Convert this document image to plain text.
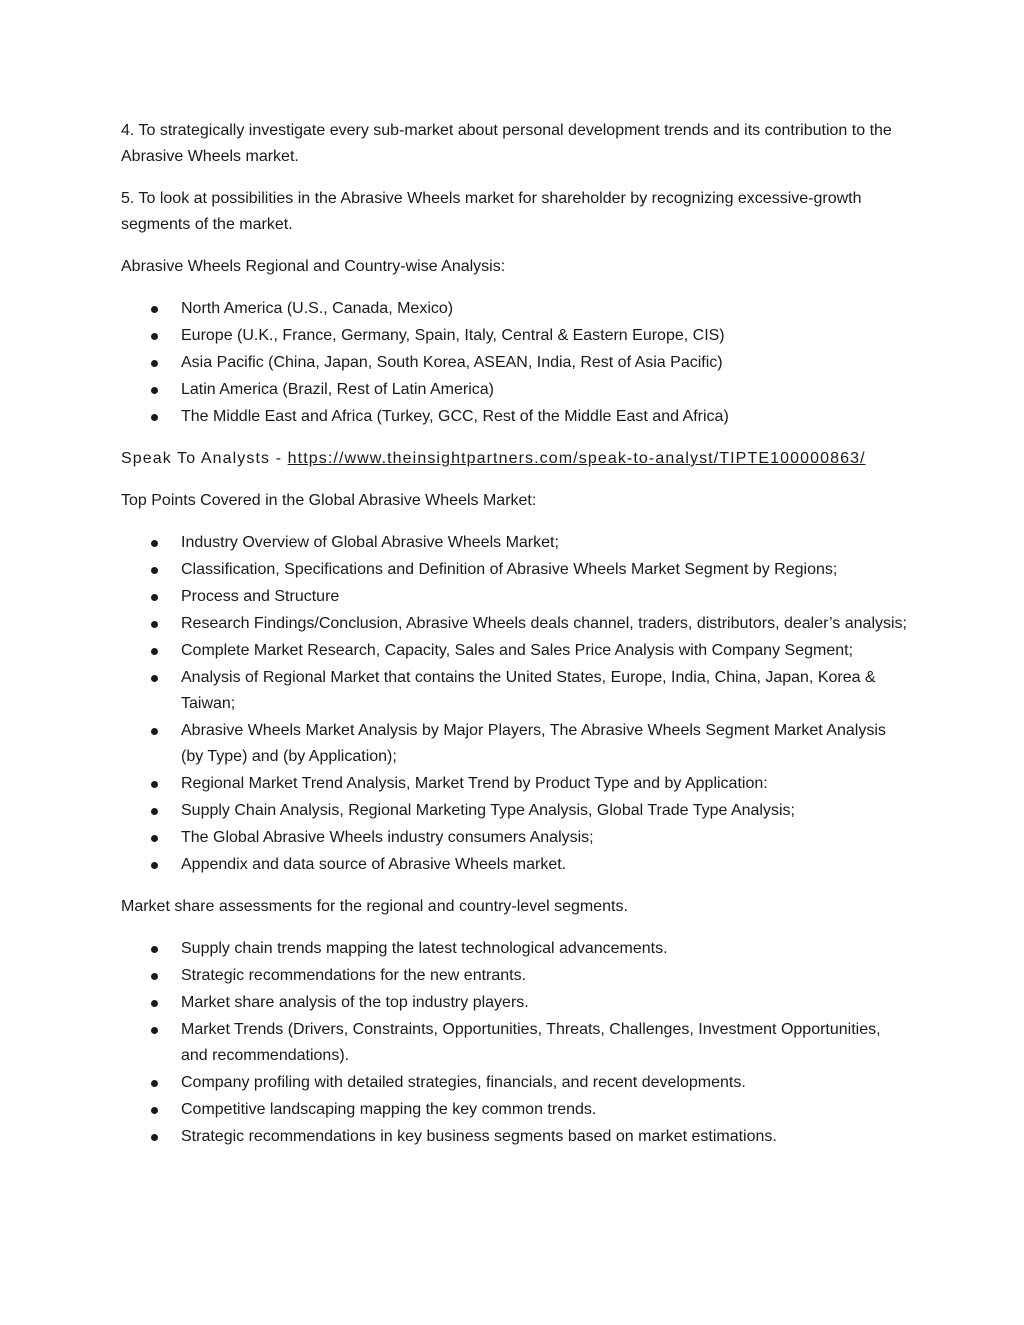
4. To strategically investigate every sub-market about personal development trends and its contribution to the Abrasive Wheels market.

5. To look at possibilities in the Abrasive Wheels market for shareholder by recognizing excessive-growth segments of the market.

Abrasive Wheels Regional and Country-wise Analysis:

North America (U.S., Canada, Mexico)
Europe (U.K., France, Germany, Spain, Italy, Central & Eastern Europe, CIS)
Asia Pacific (China, Japan, South Korea, ASEAN, India, Rest of Asia Pacific)
Latin America (Brazil, Rest of Latin America)
The Middle East and Africa (Turkey, GCC, Rest of the Middle East and Africa)

Speak To Analysts - https://www.theinsightpartners.com/speak-to-analyst/TIPTE100000863/

Top Points Covered in the Global Abrasive Wheels Market:

Industry Overview of Global Abrasive Wheels Market;
Classification, Specifications and Definition of Abrasive Wheels Market Segment by Regions;
Process and Structure
Research Findings/Conclusion, Abrasive Wheels deals channel, traders, distributors, dealer’s analysis;
Complete Market Research, Capacity, Sales and Sales Price Analysis with Company Segment;
Analysis of Regional Market that contains the United States, Europe, India, China, Japan, Korea & Taiwan;
Abrasive Wheels Market Analysis by Major Players, The Abrasive Wheels Segment Market Analysis (by Type) and (by Application);
Regional Market Trend Analysis, Market Trend by Product Type and by Application:
Supply Chain Analysis, Regional Marketing Type Analysis, Global Trade Type Analysis;
The Global Abrasive Wheels industry consumers Analysis;
Appendix and data source of Abrasive Wheels market.

Market share assessments for the regional and country-level segments.

Supply chain trends mapping the latest technological advancements.
Strategic recommendations for the new entrants.
Market share analysis of the top industry players.
Market Trends (Drivers, Constraints, Opportunities, Threats, Challenges, Investment Opportunities, and recommendations).
Company profiling with detailed strategies, financials, and recent developments.
Competitive landscaping mapping the key common trends.
Strategic recommendations in key business segments based on market estimations.
